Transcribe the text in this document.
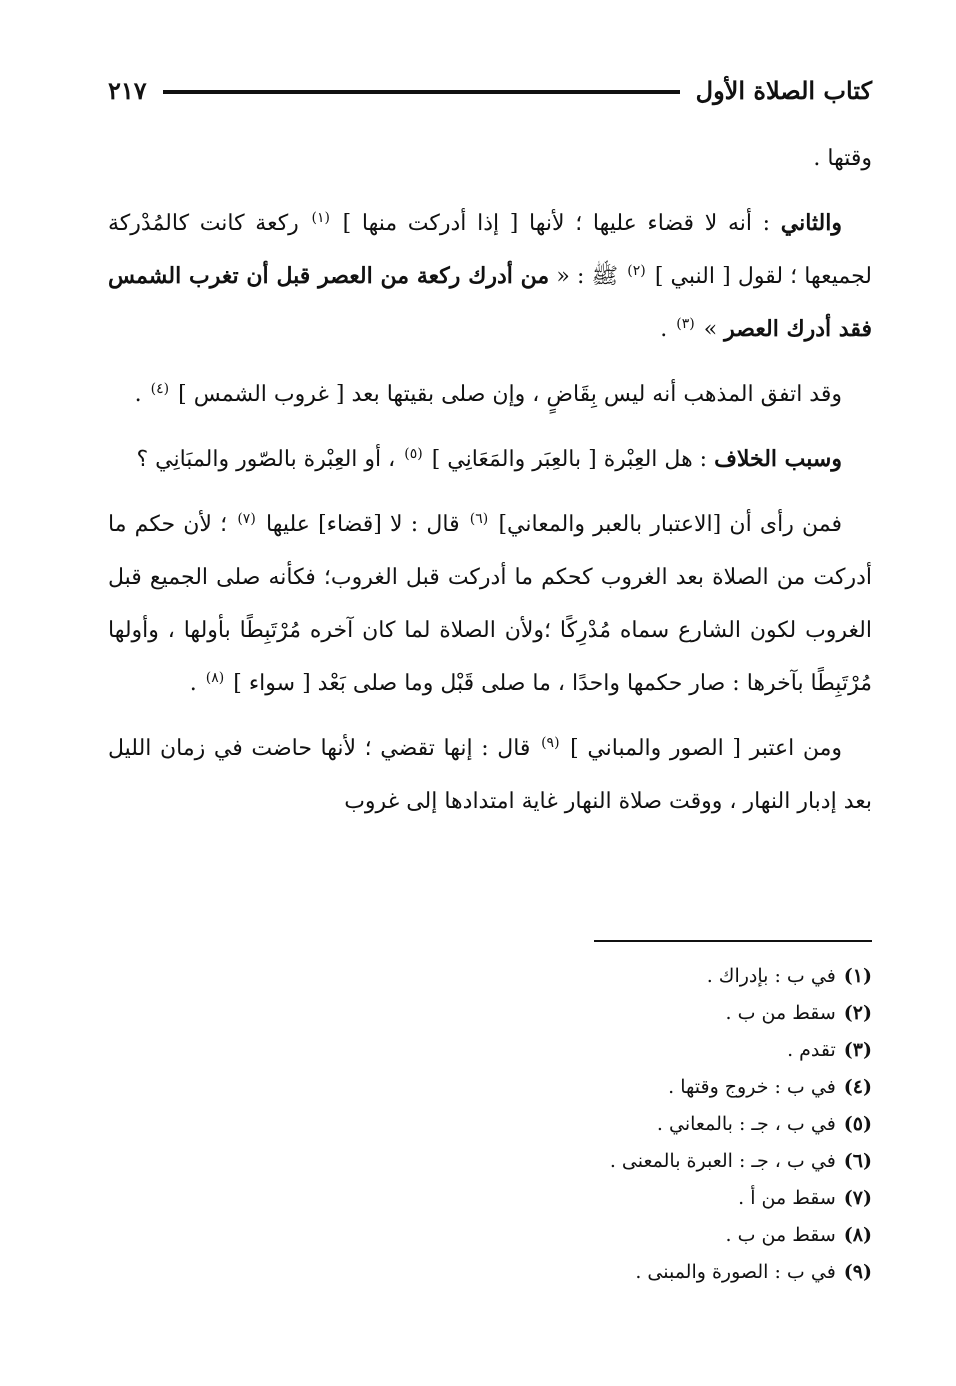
كتاب الصلاة الأول
٢١٧

وقتها .

والثاني : أنه لا قضاء عليها ؛ لأنها [ إذا أدركت منها ] $^{(١)}$ ركعة كانت كالمُدْركة لجميعها ؛ لقول [ النبي ] $^{(٢)}$ ﷺ : « من أدرك ركعة من العصر قبل أن تغرب الشمس فقد أدرك العصر » $^{(٣)}$ .

وقد اتفق المذهب أنه ليس بِقَاضٍ ، وإن صلى بقيتها بعد [ غروب الشمس ] $^{(٤)}$ .

وسبب الخلاف : هل العِبْرة [ بالعِبَر والمَعَانِي ] $^{(٥)}$ ، أو العِبْرة بالصّور والمبَانِي ؟

فمن رأى أن [الاعتبار بالعبر والمعاني] $^{(٦)}$ قال : لا [قضاء] عليها $^{(٧)}$ ؛ لأن حكم ما أدركت من الصلاة بعد الغروب كحكم ما أدركت قبل الغروب؛ فكأنه صلى الجميع قبل الغروب لكون الشارع سماه مُدْرِكًا ؛ولأن الصلاة لما كان آخره مُرْتَبِطًا بأولها ، وأولها مُرْتَبِطًا بآخرها : صار حكمها واحدًا ، ما صلى قَبْل وما صلى بَعْد [ سواء ] $^{(٨)}$ .

ومن اعتبر [ الصور والمباني ] $^{(٩)}$ قال : إنها تقضي ؛ لأنها حاضت في زمان الليل بعد إدبار النهار ، ووقت صلاة النهار غاية امتدادها إلى غروب

(١)
في ب : بإدراك .
(٢)
سقط من ب .
(٣)
تقدم .
(٤)
في ب : خروج وقتها .
(٥)
في ب ، جـ : بالمعاني .
(٦)
في ب ، جـ : العبرة بالمعنى .
(٧)
سقط من أ .
(٨)
سقط من ب .
(٩)
في ب : الصورة والمبنى .
